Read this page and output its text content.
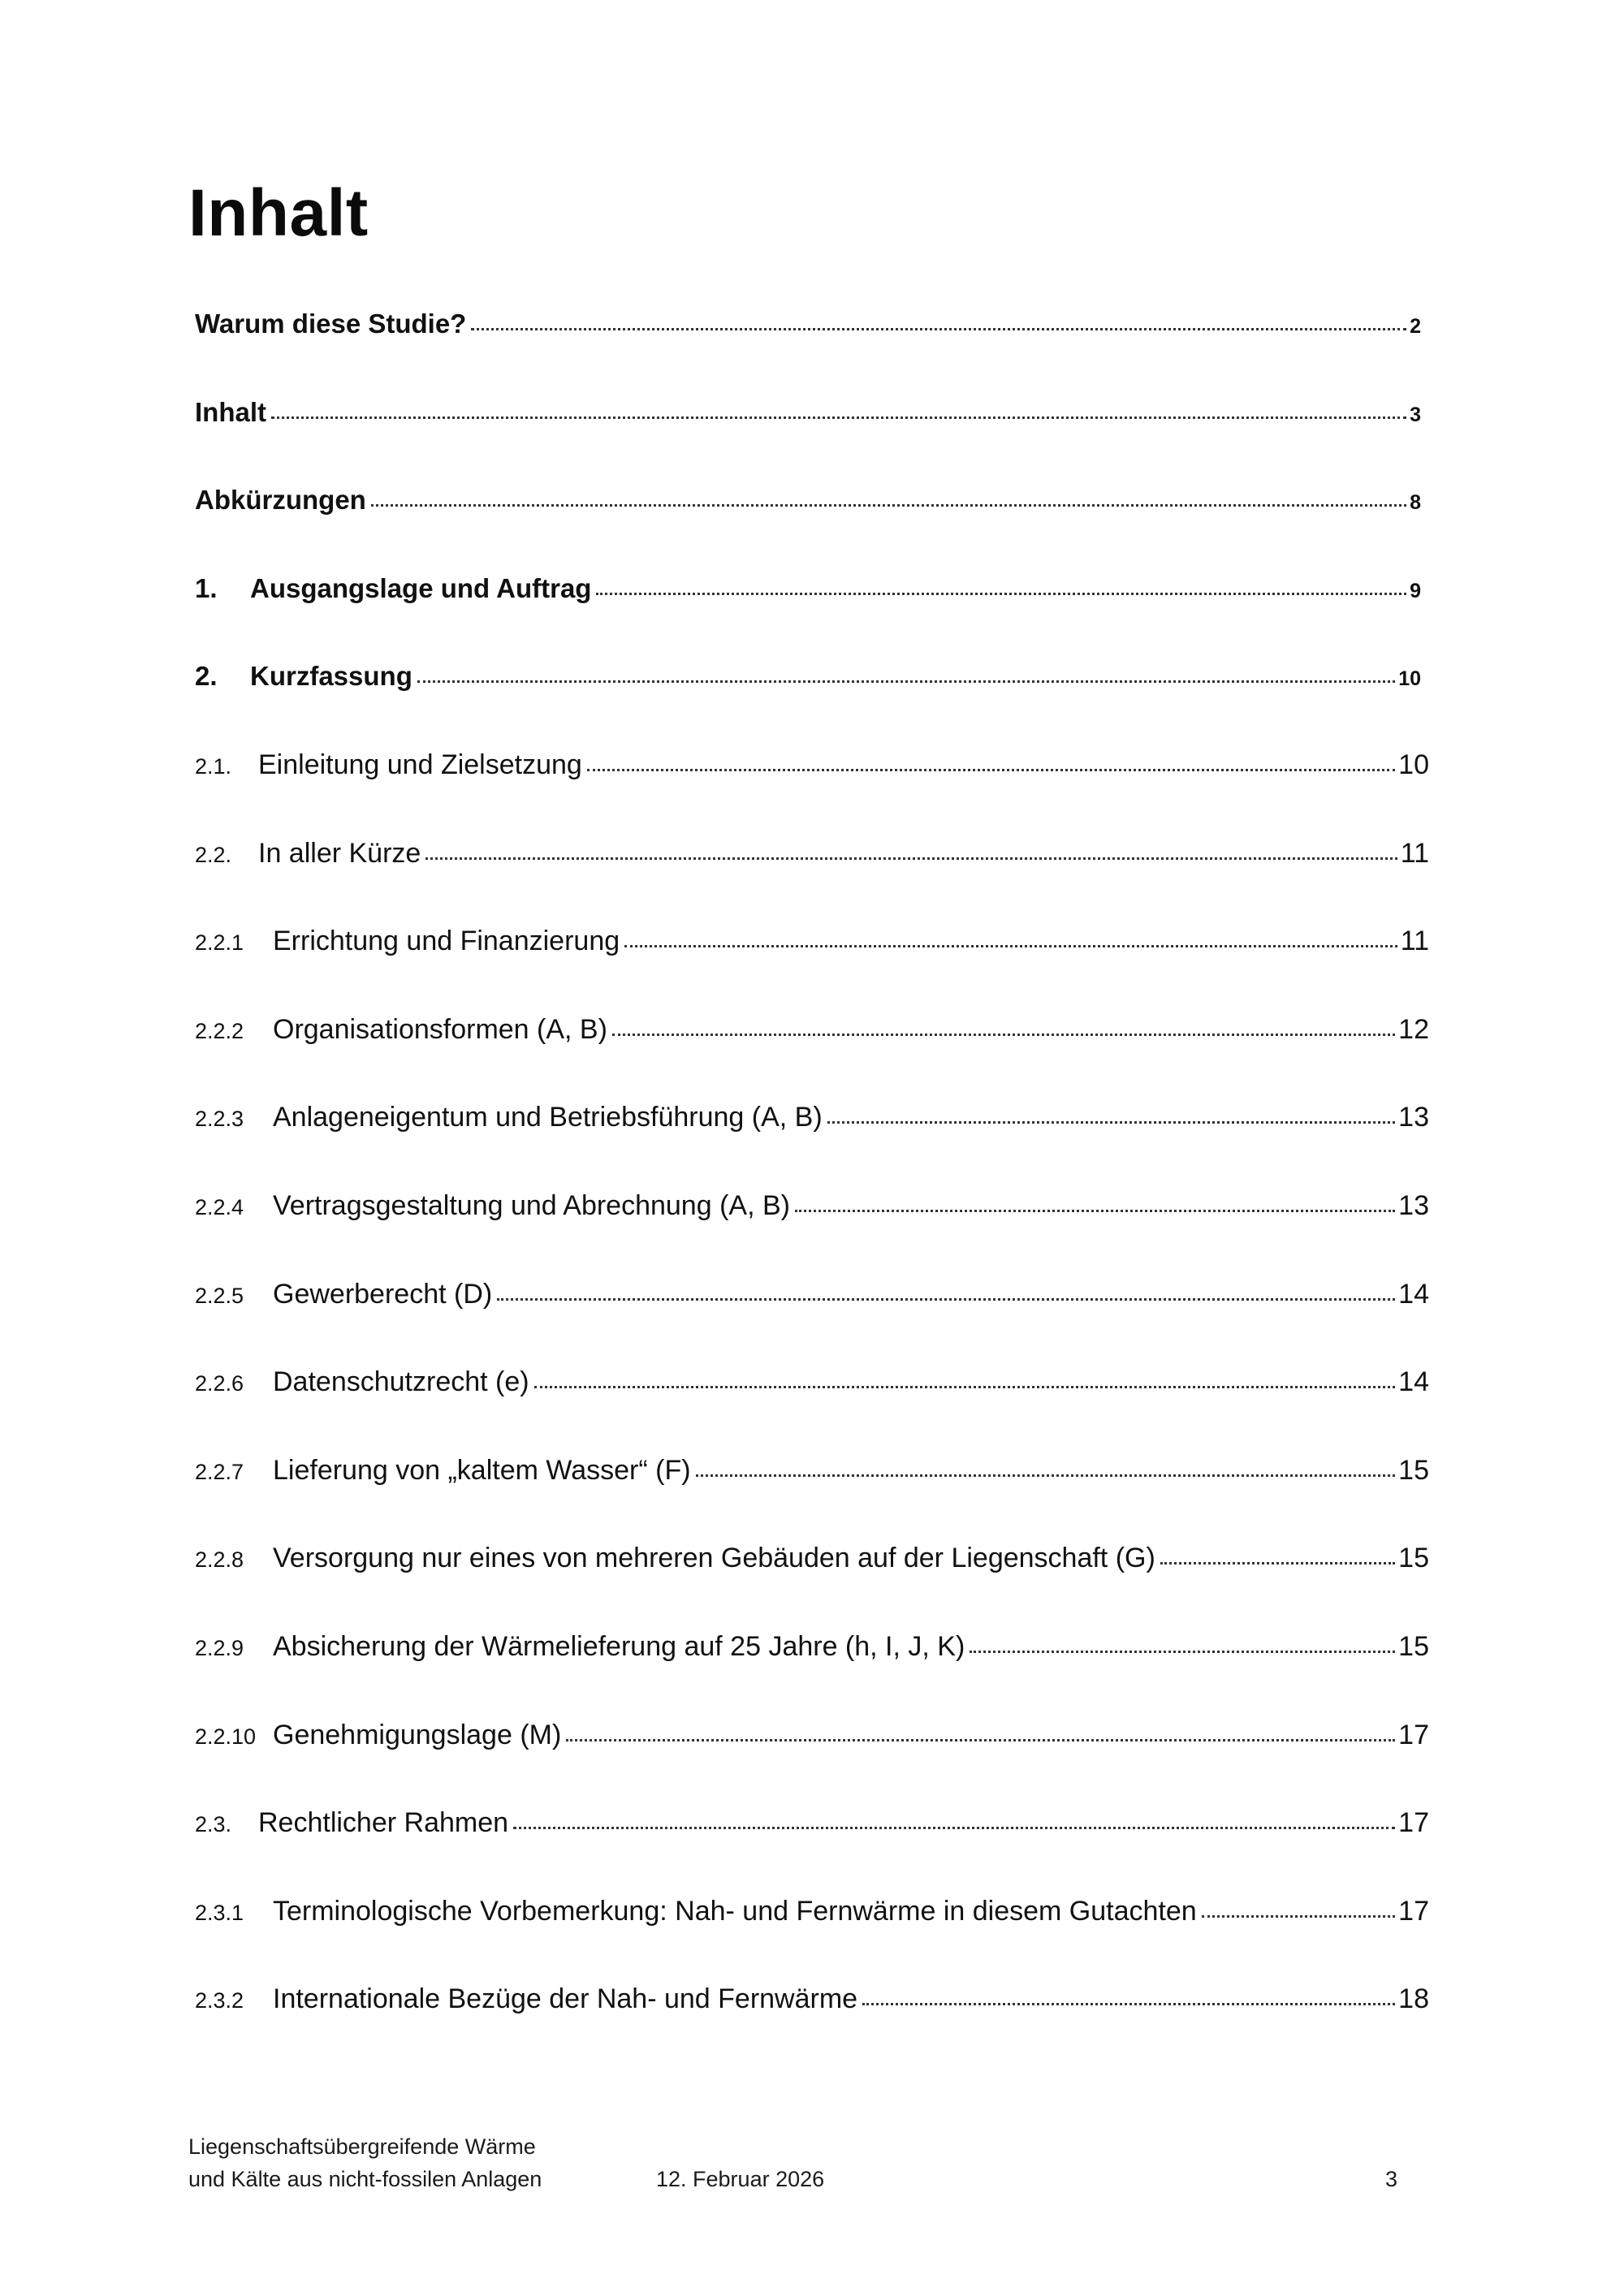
Inhalt
Warum diese Studie?	2
Inhalt	3
Abkürzungen	8
1.	Ausgangslage und Auftrag	9
2.	Kurzfassung	10
2.1. Einleitung und Zielsetzung	10
2.2. In aller Kürze	11
2.2.1	Errichtung und Finanzierung	11
2.2.2	Organisationsformen (A, B)	12
2.2.3	Anlageneigentum und Betriebsführung (A, B)	13
2.2.4	Vertragsgestaltung und Abrechnung (A, B)	13
2.2.5	Gewerberecht (D)	14
2.2.6	Datenschutzrecht (e)	14
2.2.7	Lieferung von „kaltem Wasser“ (F)	15
2.2.8	Versorgung nur eines von mehreren Gebäuden auf der Liegenschaft (G)	15
2.2.9	Absicherung der Wärmelieferung auf 25 Jahre (h, I, J, K)	15
2.2.10 Genehmigungslage (M)	17
2.3. Rechtlicher Rahmen	17
2.3.1	Terminologische Vorbemerkung: Nah- und Fernwärme in diesem Gutachten	17
2.3.2	Internationale Bezüge der Nah- und Fernwärme	18
Liegenschaftsübergreifende Wärme
und Kälte aus nicht-fossilen Anlagen	12. Februar 2026	3
